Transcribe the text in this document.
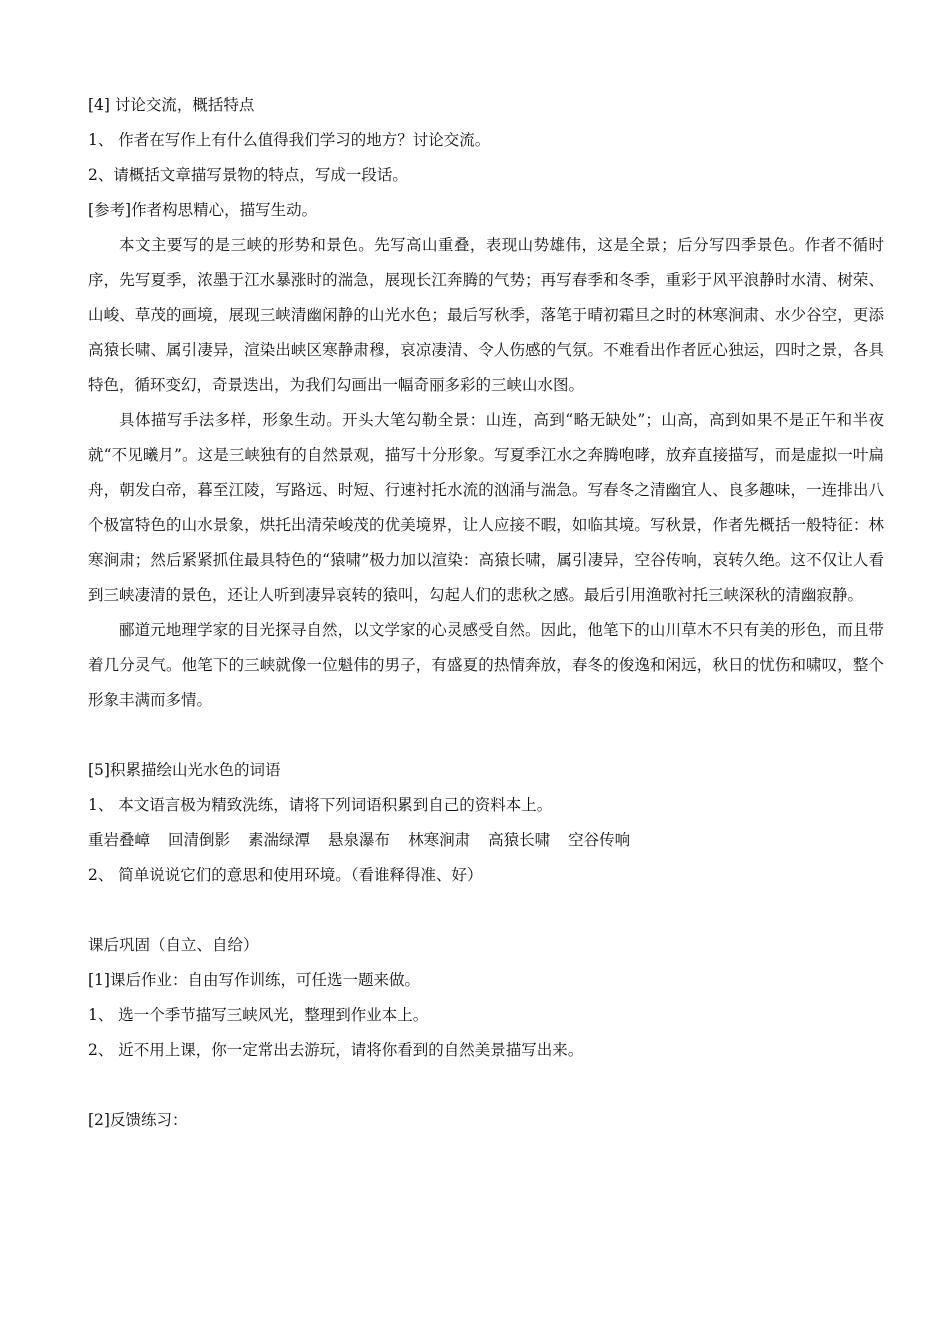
[4] 讨论交流，概括特点

1、 作者在写作上有什么值得我们学习的地方？讨论交流。

2、请概括文章描写景物的特点，写成一段话。

[参考]作者构思精心，描写生动。

本文主要写的是三峡的形势和景色。先写高山重叠，表现山势雄伟，这是全景；后分写四季景色。作者不循时序，先写夏季，浓墨于江水暴涨时的湍急，展现长江奔腾的气势；再写春季和冬季，重彩于风平浪静时水清、树荣、山峻、草茂的画境，展现三峡清幽闲静的山光水色；最后写秋季，落笔于晴初霜旦之时的林寒涧肃、水少谷空，更添高猿长啸、属引凄异，渲染出峡区寒静肃穆，哀凉凄清、令人伤感的气氛。不难看出作者匠心独运，四时之景，各具特色，循环变幻，奇景迭出，为我们勾画出一幅奇丽多彩的三峡山水图。

具体描写手法多样，形象生动。开头大笔勾勒全景：山连，高到“略无缺处”；山高，高到如果不是正午和半夜就“不见曦月”。这是三峡独有的自然景观，描写十分形象。写夏季江水之奔腾咆哮，放弃直接描写，而是虚拟一叶扁舟，朝发白帝，暮至江陵，写路远、时短、行速衬托水流的汹涌与湍急。写春冬之清幽宜人、良多趣味，一连排出八个极富特色的山水景象，烘托出清荣峻茂的优美境界，让人应接不暇，如临其境。写秋景，作者先概括一般特征：林寒涧肃；然后紧紧抓住最具特色的“猿啸”极力加以渲染：高猿长啸，属引凄异，空谷传响，哀转久绝。这不仅让人看到三峡凄清的景色，还让人听到凄异哀转的猿叫，勾起人们的悲秋之感。最后引用渔歌衬托三峡深秋的清幽寂静。

郦道元地理学家的目光探寻自然，以文学家的心灵感受自然。因此，他笔下的山川草木不只有美的形色，而且带着几分灵气。他笔下的三峡就像一位魁伟的男子，有盛夏的热情奔放，春冬的俊逸和闲远，秋日的忧伤和啸叹，整个形象丰满而多情。

[5]积累描绘山光水色的词语

1、 本文语言极为精致洗练，请将下列词语积累到自己的资料本上。

重岩叠嶂 回清倒影 素湍绿潭 悬泉瀑布 林寒涧肃 高猿长啸 空谷传响

2、 简单说说它们的意思和使用环境。（看谁释得准、好）

课后巩固（自立、自给）

[1]课后作业：自由写作训练，可任选一题来做。

1、 选一个季节描写三峡风光，整理到作业本上。

2、 近不用上课，你一定常出去游玩，请将你看到的自然美景描写出来。

[2]反馈练习：
